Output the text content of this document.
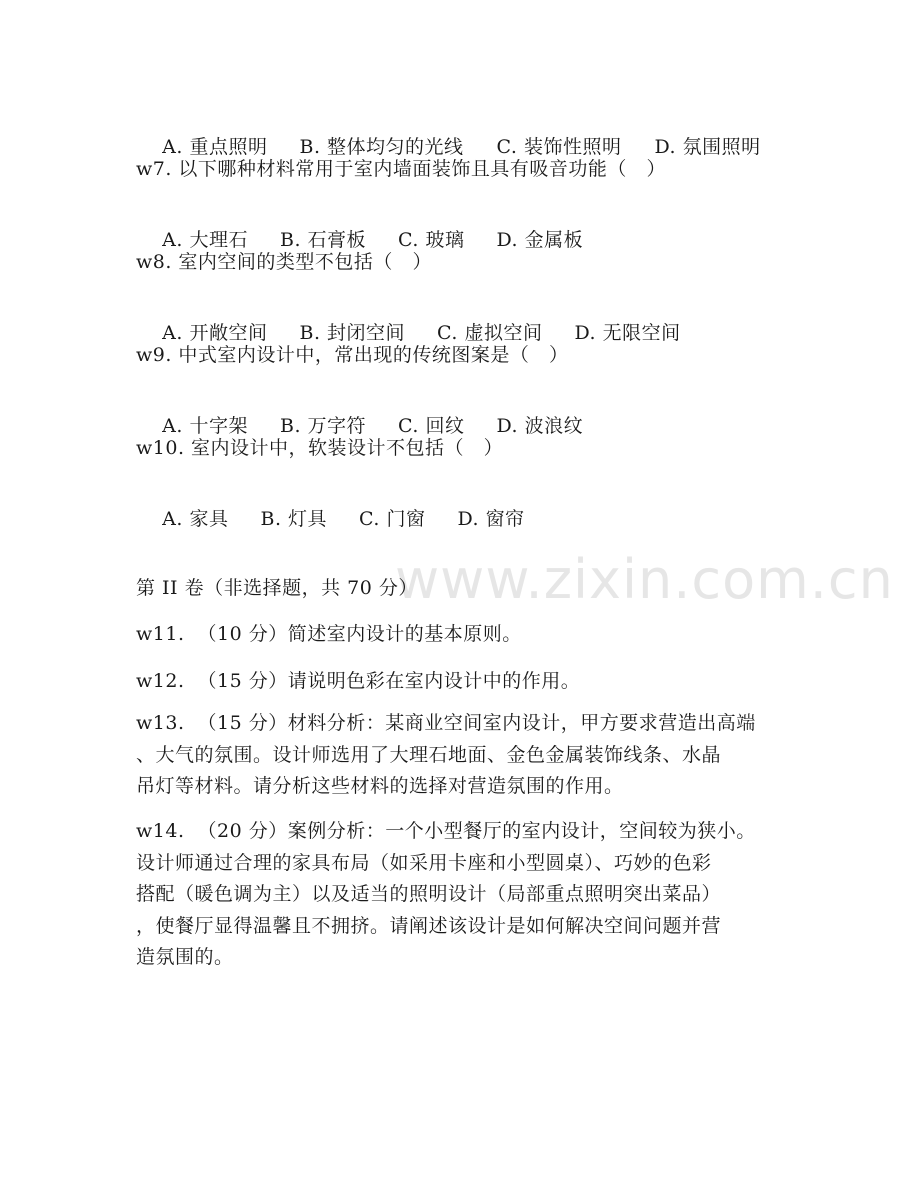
www.zixin.com.cn

A. 重点照明 B. 整体均匀的光线 C. 装饰性照明 D. 氛围照明

w7. 以下哪种材料常用于室内墙面装饰且具有吸音功能（   ）

A. 大理石 B. 石膏板 C. 玻璃 D. 金属板

w8. 室内空间的类型不包括（   ）

A. 开敞空间 B. 封闭空间 C. 虚拟空间 D. 无限空间

w9. 中式室内设计中，常出现的传统图案是（   ）

A. 十字架 B. 万字符 C. 回纹 D. 波浪纹

w10. 室内设计中，软装设计不包括（   ）

A. 家具 B. 灯具 C. 门窗 D. 窗帘

第 II 卷（非选择题，共 70 分）
w11.  （10 分）简述室内设计的基本原则。
w12.  （15 分）请说明色彩在室内设计中的作用。
w13.  （15 分）材料分析：某商业空间室内设计，甲方要求营造出高端
、大气的氛围。设计师选用了大理石地面、金色金属装饰线条、水晶
吊灯等材料。请分析这些材料的选择对营造氛围的作用。
w14.  （20 分）案例分析：一个小型餐厅的室内设计，空间较为狭小。
设计师通过合理的家具布局（如采用卡座和小型圆桌）、巧妙的色彩
搭配（暖色调为主）以及适当的照明设计（局部重点照明突出菜品）
，使餐厅显得温馨且不拥挤。请阐述该设计是如何解决空间问题并营
造氛围的。
